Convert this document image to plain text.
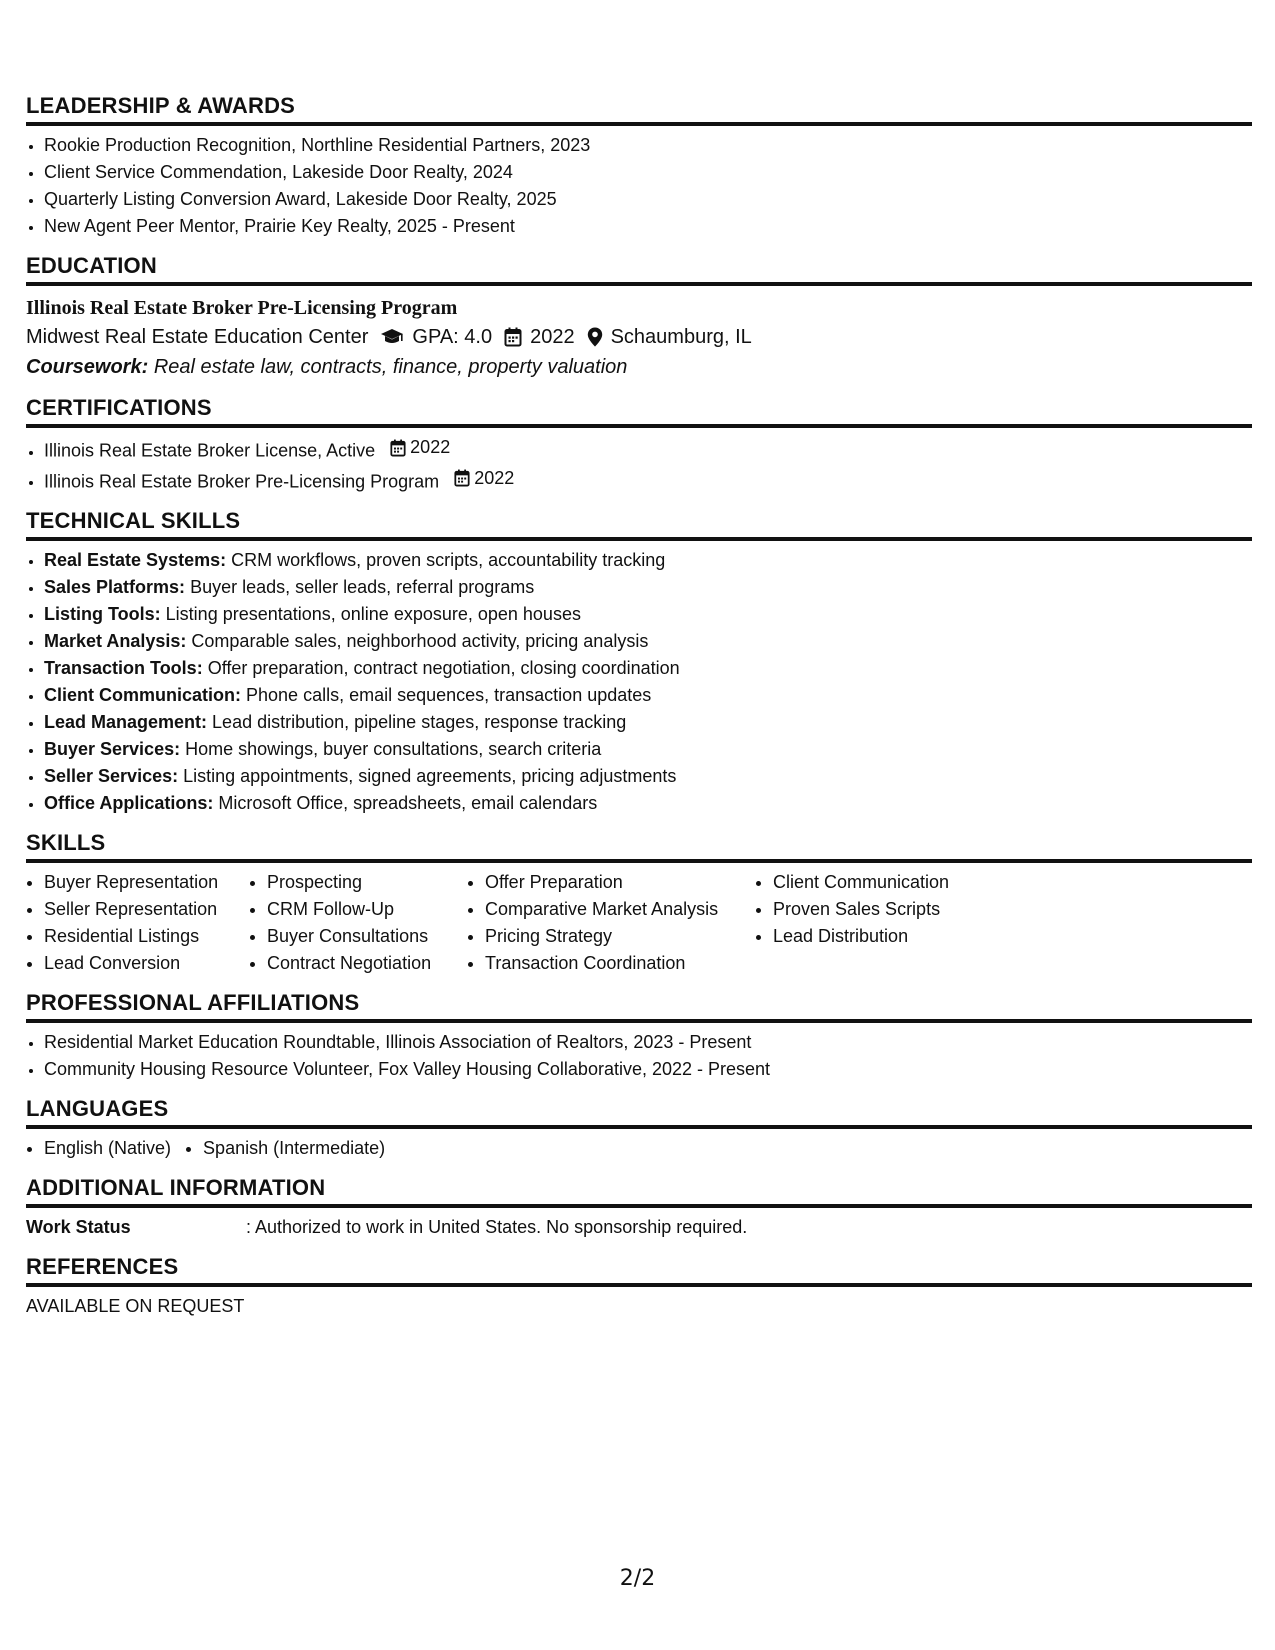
LEADERSHIP & AWARDS
• Rookie Production Recognition, Northline Residential Partners, 2023
• Client Service Commendation, Lakeside Door Realty, 2024
• Quarterly Listing Conversion Award, Lakeside Door Realty, 2025
• New Agent Peer Mentor, Prairie Key Realty, 2025 - Present
EDUCATION
Illinois Real Estate Broker Pre-Licensing Program
Midwest Real Estate Education Center GPA: 4.0 2022 Schaumburg, IL
Coursework: Real estate law, contracts, finance, property valuation
CERTIFICATIONS
• Illinois Real Estate Broker License, Active 2022
• Illinois Real Estate Broker Pre-Licensing Program 2022
TECHNICAL SKILLS
• Real Estate Systems: CRM workflows, proven scripts, accountability tracking
• Sales Platforms: Buyer leads, seller leads, referral programs
• Listing Tools: Listing presentations, online exposure, open houses
• Market Analysis: Comparable sales, neighborhood activity, pricing analysis
• Transaction Tools: Offer preparation, contract negotiation, closing coordination
• Client Communication: Phone calls, email sequences, transaction updates
• Lead Management: Lead distribution, pipeline stages, response tracking
• Buyer Services: Home showings, buyer consultations, search criteria
• Seller Services: Listing appointments, signed agreements, pricing adjustments
• Office Applications: Microsoft Office, spreadsheets, email calendars
SKILLS
• Buyer Representation
• Seller Representation
• Residential Listings
• Lead Conversion
• Prospecting
• CRM Follow-Up
• Buyer Consultations
• Contract Negotiation
• Offer Preparation
• Comparative Market Analysis
• Pricing Strategy
• Transaction Coordination
• Client Communication
• Proven Sales Scripts
• Lead Distribution
PROFESSIONAL AFFILIATIONS
• Residential Market Education Roundtable, Illinois Association of Realtors, 2023 - Present
• Community Housing Resource Volunteer, Fox Valley Housing Collaborative, 2022 - Present
LANGUAGES
• English (Native)
• Spanish (Intermediate)
ADDITIONAL INFORMATION
Work Status	: Authorized to work in United States. No sponsorship required.
REFERENCES
AVAILABLE ON REQUEST
2/2
